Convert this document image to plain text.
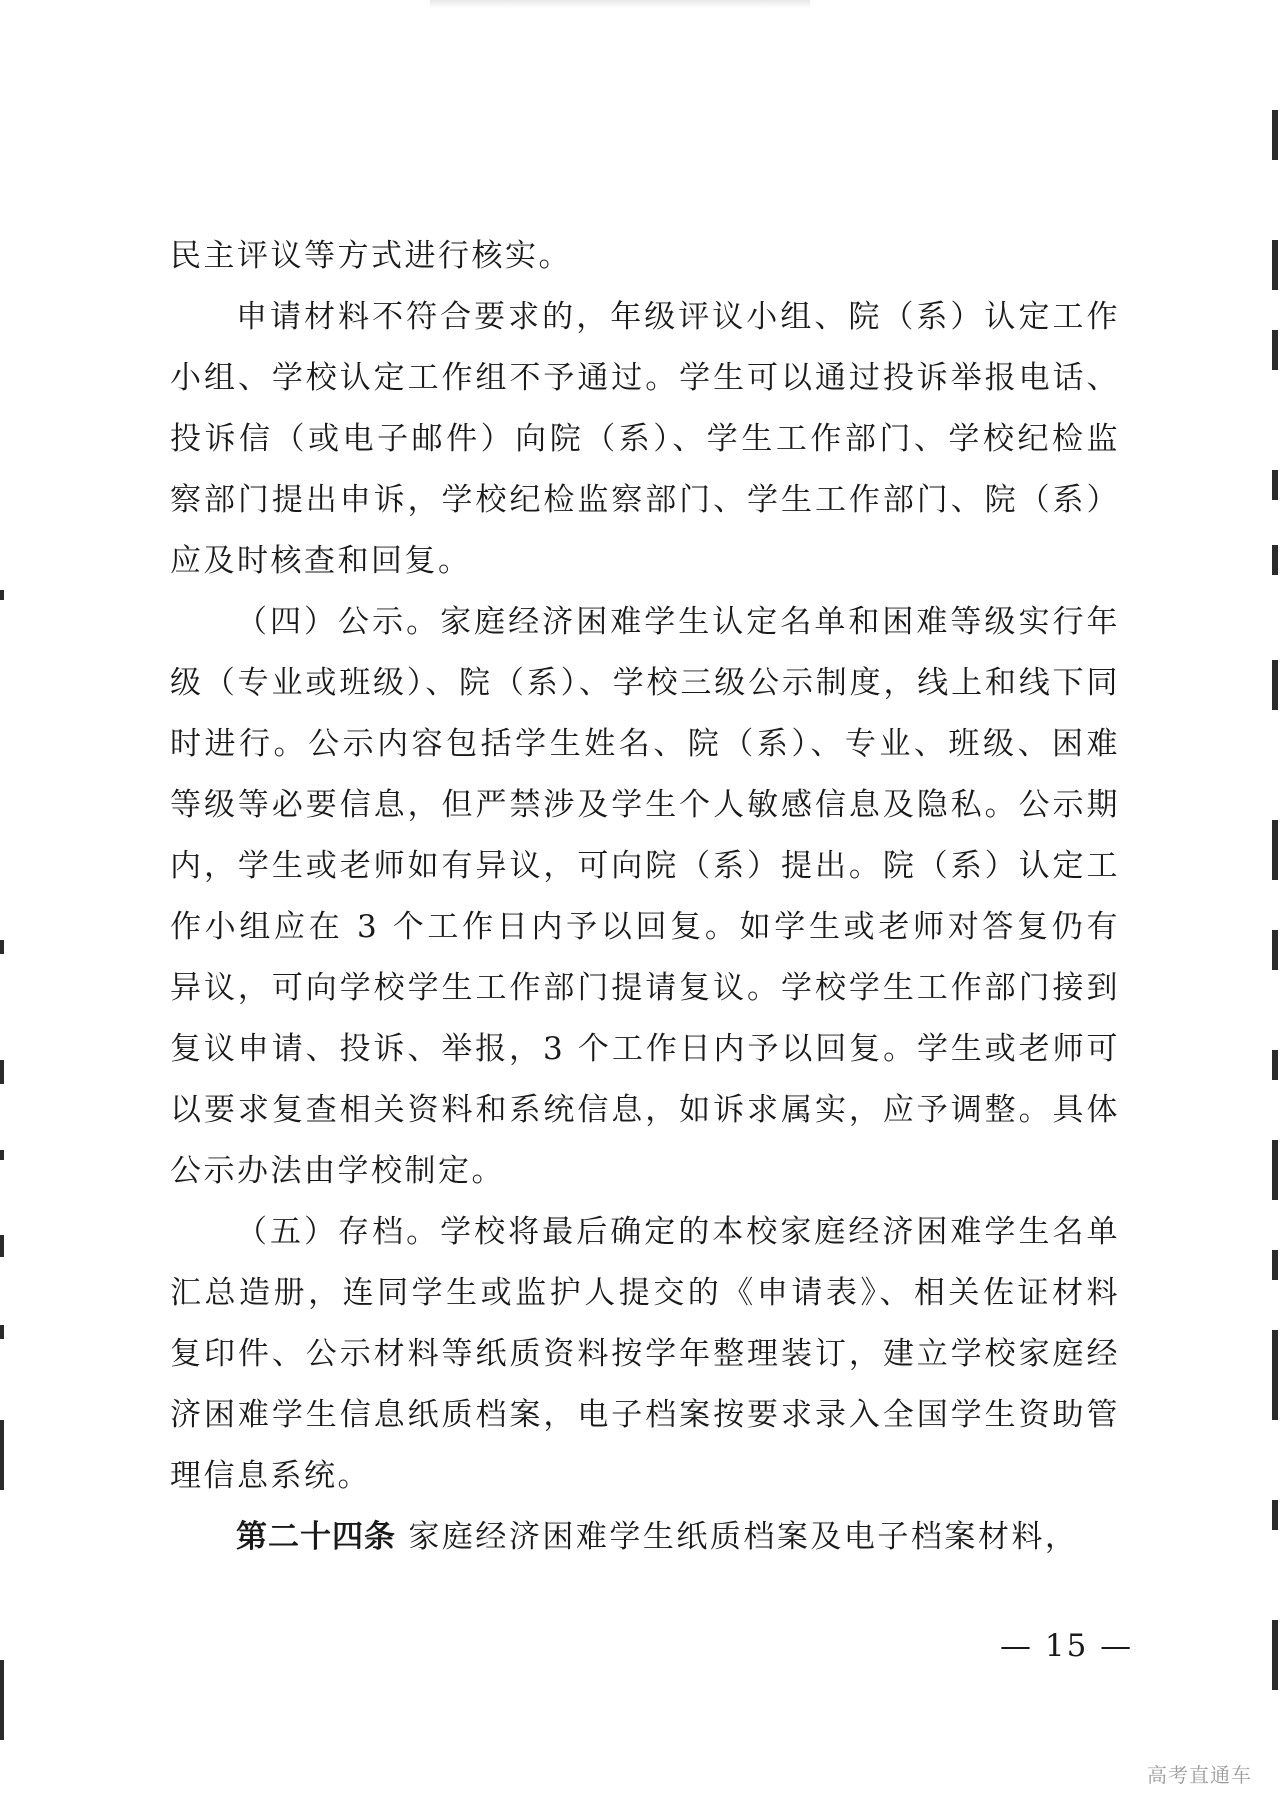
民主评议等方式进行核实。

申请材料不符合要求的，年级评议小组、院（系）认定工作小组、学校认定工作组不予通过。学生可以通过投诉举报电话、投诉信（或电子邮件）向院（系）、学生工作部门、学校纪检监察部门提出申诉，学校纪检监察部门、学生工作部门、院（系）应及时核查和回复。

（四）公示。家庭经济困难学生认定名单和困难等级实行年级（专业或班级）、院（系）、学校三级公示制度，线上和线下同时进行。公示内容包括学生姓名、院（系）、专业、班级、困难等级等必要信息，但严禁涉及学生个人敏感信息及隐私。公示期内，学生或老师如有异议，可向院（系）提出。院（系）认定工作小组应在 3 个工作日内予以回复。如学生或老师对答复仍有异议，可向学校学生工作部门提请复议。学校学生工作部门接到复议申请、投诉、举报，3 个工作日内予以回复。学生或老师可以要求复查相关资料和系统信息，如诉求属实，应予调整。具体公示办法由学校制定。

（五）存档。学校将最后确定的本校家庭经济困难学生名单汇总造册，连同学生或监护人提交的《申请表》、相关佐证材料复印件、公示材料等纸质资料按学年整理装订，建立学校家庭经济困难学生信息纸质档案，电子档案按要求录入全国学生资助管理信息系统。

第二十四条 家庭经济困难学生纸质档案及电子档案材料，

— 15 —
高考直通车
